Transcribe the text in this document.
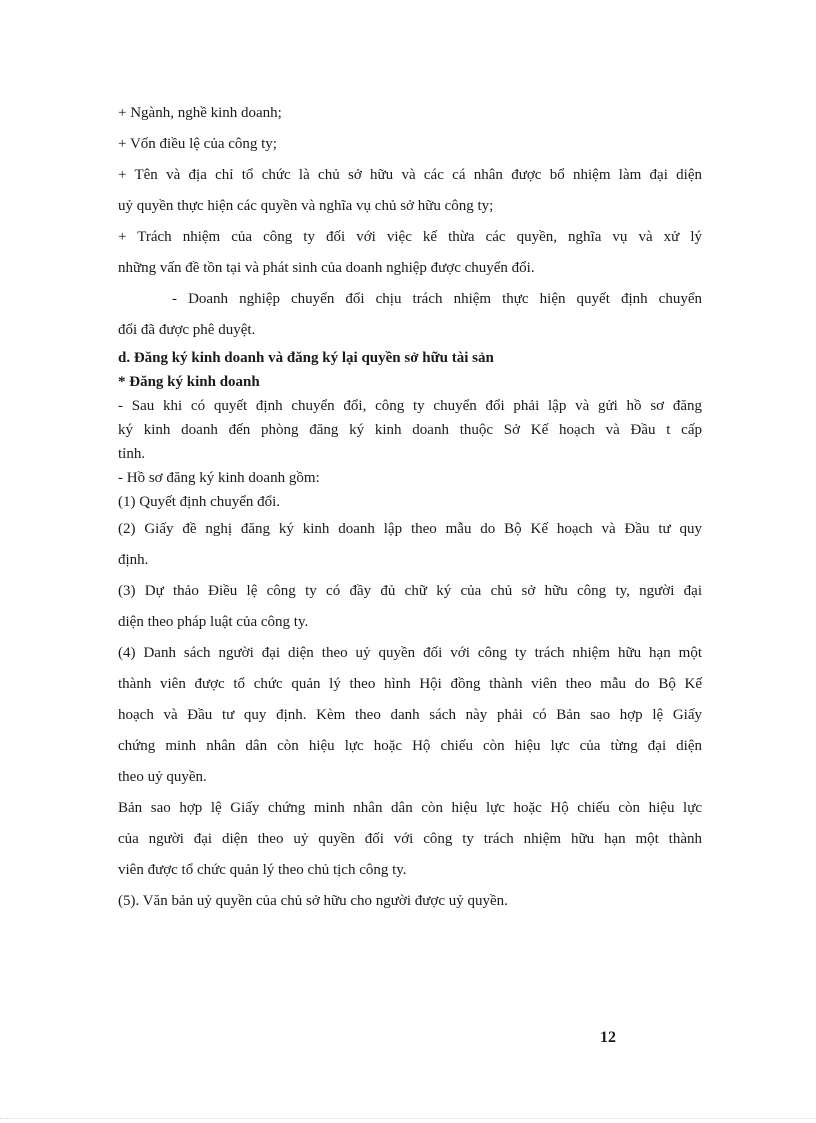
+ Ngành, nghề kinh doanh;
+ Vốn điều lệ của công ty;
+ Tên và địa chỉ tổ chức là chủ sở hữu và các cá nhân được bổ nhiệm làm đại diện
uỷ quyền thực hiện các quyền và nghĩa vụ chủ sở hữu công ty;
+ Trách nhiệm của công ty đối với việc kế thừa các quyền, nghĩa vụ và xử lý
những vấn đề tồn tại và phát sinh của doanh nghiệp được chuyển đổi.
- Doanh nghiệp chuyển đổi chịu trách nhiệm thực hiện quyết định chuyển
đổi đã được phê duyệt.
d. Đăng ký kinh doanh và đăng ký lại quyền sở hữu tài sản
* Đăng ký kinh doanh
- Sau khi có quyết định chuyển đổi, công ty chuyển đổi phải lập và gửi hồ sơ đăng
ký kinh doanh đến phòng đăng ký kinh doanh thuộc Sở Kế hoạch và Đầu t cấp
tỉnh.
- Hồ sơ đăng ký kinh doanh gồm:
(1) Quyết định chuyển đổi.
(2) Giấy đề nghị đăng ký kinh doanh lập theo mẫu do Bộ Kế hoạch và Đầu tư quy
định.
(3) Dự thảo Điều lệ công ty có đầy đủ chữ ký của chủ sở hữu công ty, người đại
diện theo pháp luật của công ty.
(4) Danh sách người đại diện theo uỷ quyền đối với công ty trách nhiệm hữu hạn một
thành viên được tổ chức quản lý theo hình Hội đồng thành viên theo mẫu do Bộ Kế
hoạch và Đầu tư quy định. Kèm theo danh sách này phải có Bản sao hợp lệ Giấy
chứng minh nhân dân còn hiệu lực hoặc Hộ chiếu còn hiệu lực của từng đại diện
theo uỷ quyền.
Bản sao hợp lệ Giấy chứng minh nhân dân còn hiệu lực hoặc Hộ chiếu còn hiệu lực
của người đại diện theo uỷ quyền đối với công ty trách nhiệm hữu hạn một thành
viên được tổ chức quản lý theo chủ tịch công ty.
(5). Văn bản uỷ quyền của chủ sở hữu cho người được uỷ quyền.
12
